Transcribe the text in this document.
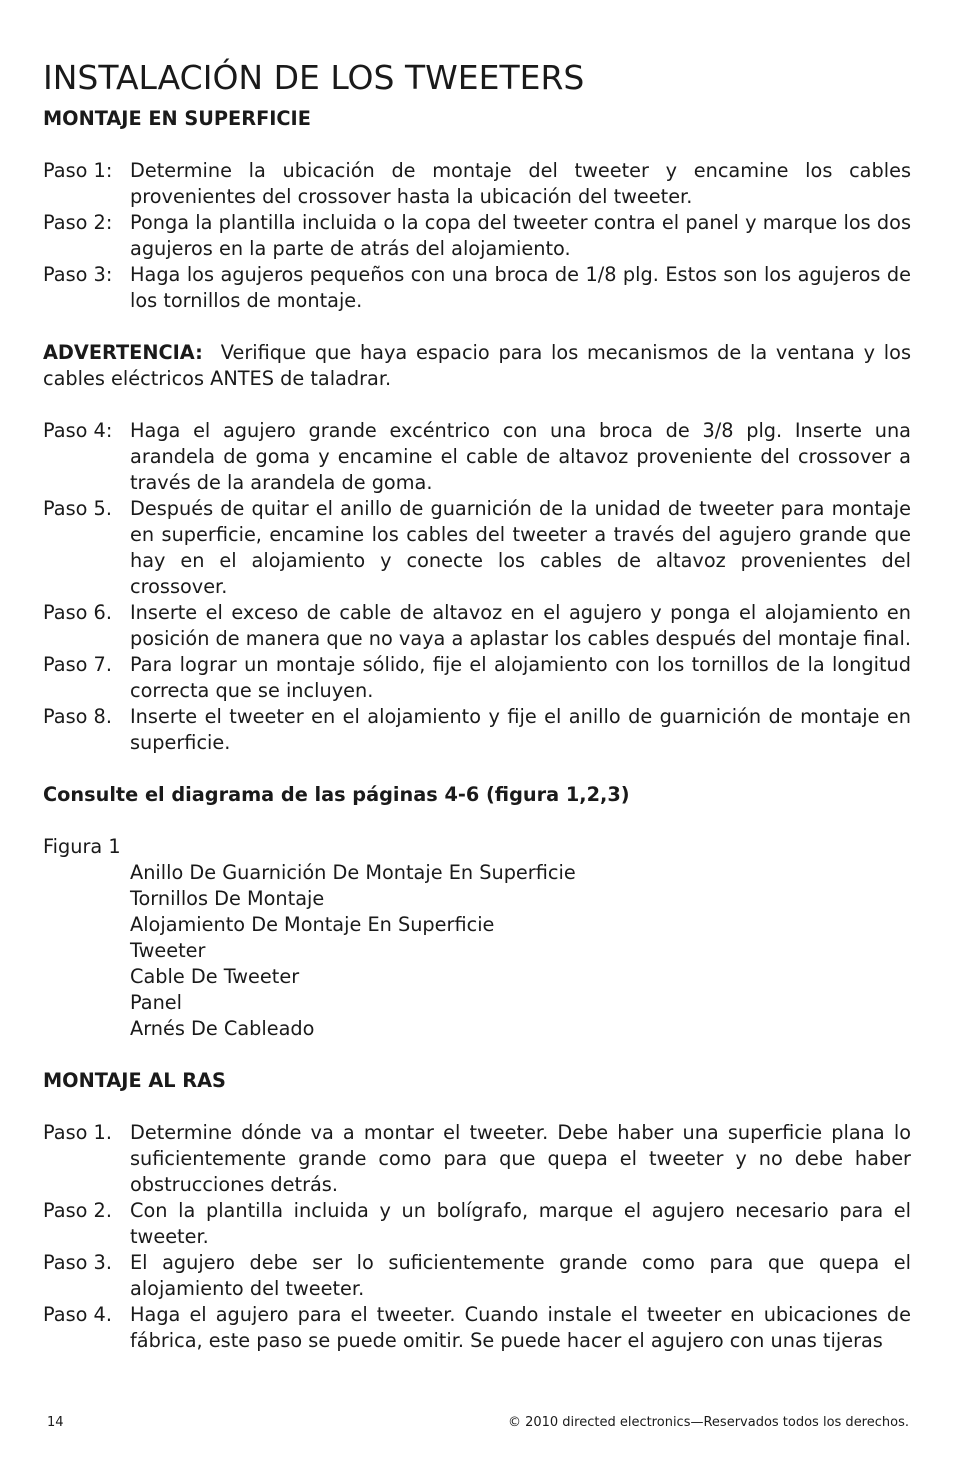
INSTALACIÓN DE LOS TWEETERS
MONTAJE EN SUPERFICIE
Paso 1: Determine la ubicación de montaje del tweeter y encamine los cables provenientes del crossover hasta la ubicación del tweeter.
Paso 2: Ponga la plantilla incluida o la copa del tweeter contra el panel y marque los dos agujeros en la parte de atrás del alojamiento.
Paso 3: Haga los agujeros pequeños con una broca de 1/8 plg. Estos son los agujeros de los tornillos de montaje.
ADVERTENCIA: Verifique que haya espacio para los mecanismos de la ventana y los cables eléctricos ANTES de taladrar.
Paso 4: Haga el agujero grande excéntrico con una broca de 3/8 plg. Inserte una arandela de goma y encamine el cable de altavoz proveniente del crossover a través de la arandela de goma.
Paso 5. Después de quitar el anillo de guarnición de la unidad de tweeter para montaje en superficie, encamine los cables del tweeter a través del agujero grande que hay en el alojamiento y conecte los cables de altavoz provenientes del crossover.
Paso 6. Inserte el exceso de cable de altavoz en el agujero y ponga el alojamiento en posición de manera que no vaya a aplastar los cables después del montaje final.
Paso 7. Para lograr un montaje sólido, fije el alojamiento con los tornillos de la longitud correcta que se incluyen.
Paso 8. Inserte el tweeter en el alojamiento y fije el anillo de guarnición de montaje en superficie.
Consulte el diagrama de las páginas 4-6 (figura 1,2,3)
Figura 1
Anillo De Guarnición De Montaje En Superficie
Tornillos De Montaje
Alojamiento De Montaje En Superficie
Tweeter
Cable De Tweeter
Panel
Arnés De Cableado
MONTAJE AL RAS
Paso 1. Determine dónde va a montar el tweeter. Debe haber una superficie plana lo suficientemente grande como para que quepa el tweeter y no debe haber obstrucciones detrás.
Paso 2. Con la plantilla incluida y un bolígrafo, marque el agujero necesario para el tweeter.
Paso 3. El agujero debe ser lo suficientemente grande como para que quepa el alojamiento del tweeter.
Paso 4. Haga el agujero para el tweeter. Cuando instale el tweeter en ubicaciones de fábrica, este paso se puede omitir. Se puede hacer el agujero con unas tijeras
14	© 2010 directed electronics—Reservados todos los derechos.
